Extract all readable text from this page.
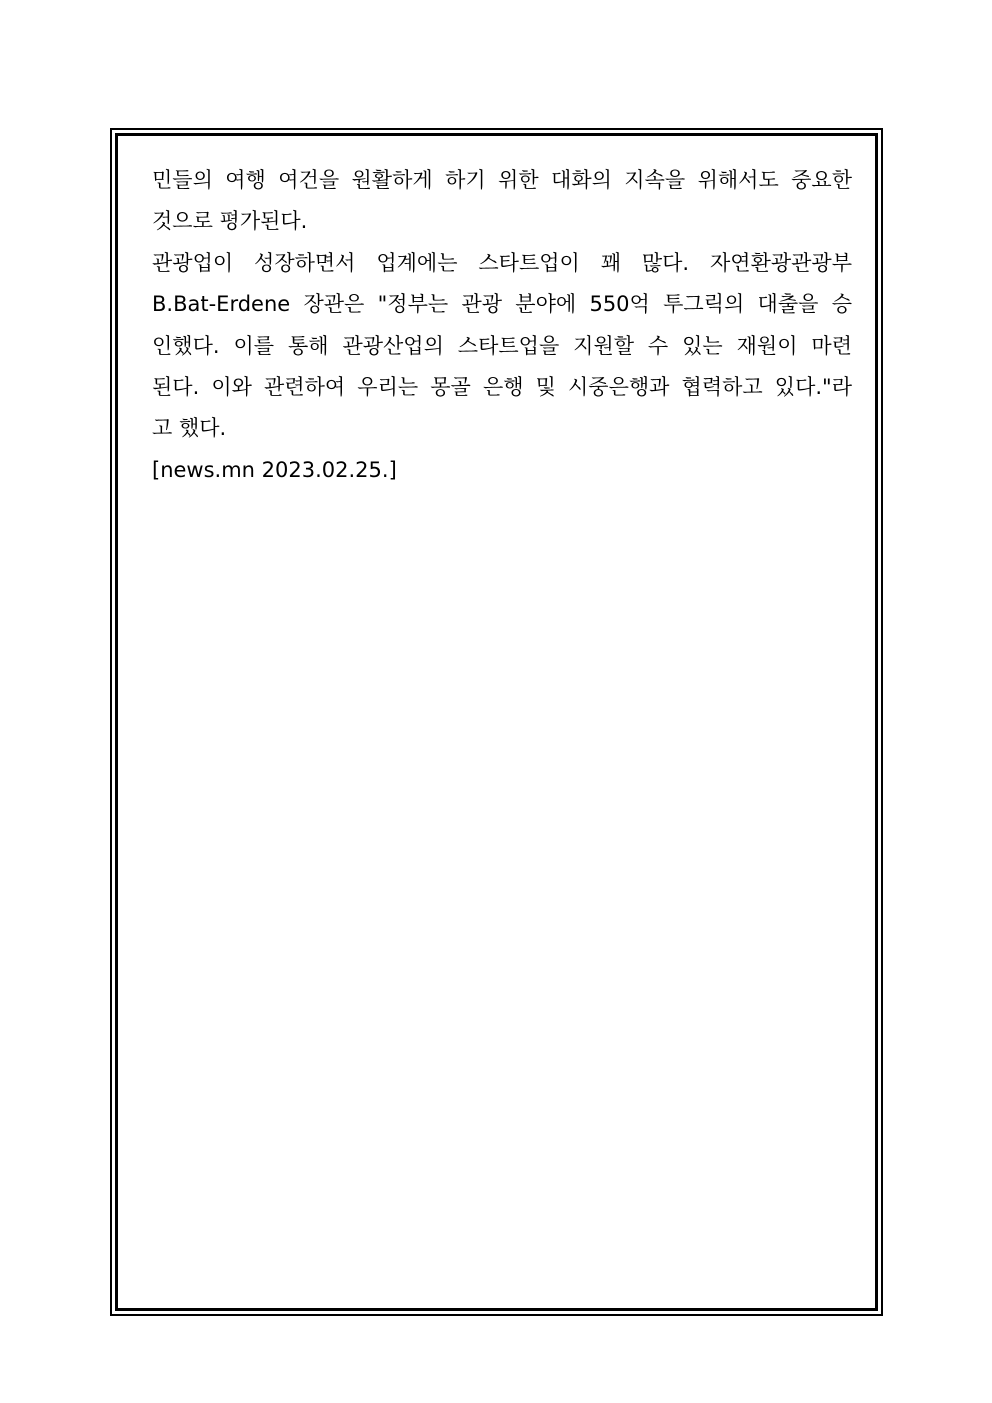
민들의 여행 여건을 원활하게 하기 위한 대화의 지속을 위해서도 중요한
것으로 평가된다.
관광업이 성장하면서 업계에는 스타트업이 꽤 많다. 자연환광관광부
B.Bat-Erdene 장관은 "정부는 관광 분야에 550억 투그릭의 대출을 승
인했다. 이를 통해 관광산업의 스타트업을 지원할 수 있는 재원이 마련
된다. 이와 관련하여 우리는 몽골 은행 및 시중은행과 협력하고 있다."라
고 했다.
[news.mn 2023.02.25.]
